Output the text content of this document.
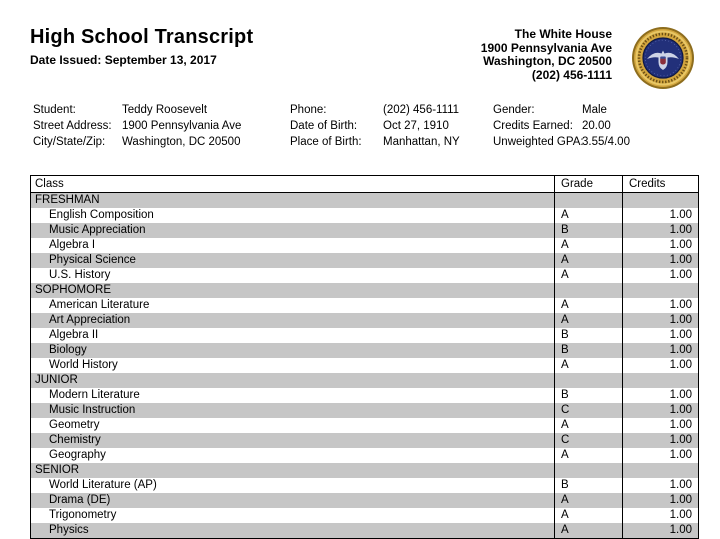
High School Transcript
Date Issued: September 13, 2017
The White House
1900 Pennsylvania Ave
Washington, DC 20500
(202) 456-1111
Student:	Teddy Roosevelt
Street Address: 1900 Pennsylvania Ave
City/State/Zip:	Washington, DC 20500
Phone:	(202) 456-1111
Date of Birth:	Oct 27, 1910
Place of Birth:	Manhattan, NY
Gender:	Male
Credits Earned: 20.00
Unweighted GPA:
3.55/4.00
Class	Grade	Credits
FRESHMAN		
English Composition	A	1.00
Music Appreciation	B	1.00
Algebra I	A	1.00
Physical Science	A	1.00
U.S. History	A	1.00
SOPHOMORE		
American Literature	A	1.00
Art Appreciation	A	1.00
Algebra II	B	1.00
Biology	B	1.00
World History	A	1.00
JUNIOR		
Modern Literature	B	1.00
Music Instruction	C	1.00
Geometry	A	1.00
Chemistry	C	1.00
Geography	A	1.00
SENIOR		
World Literature (AP)	B	1.00
Drama (DE)	A	1.00
Trigonometry	A	1.00
Physics	A	1.00
